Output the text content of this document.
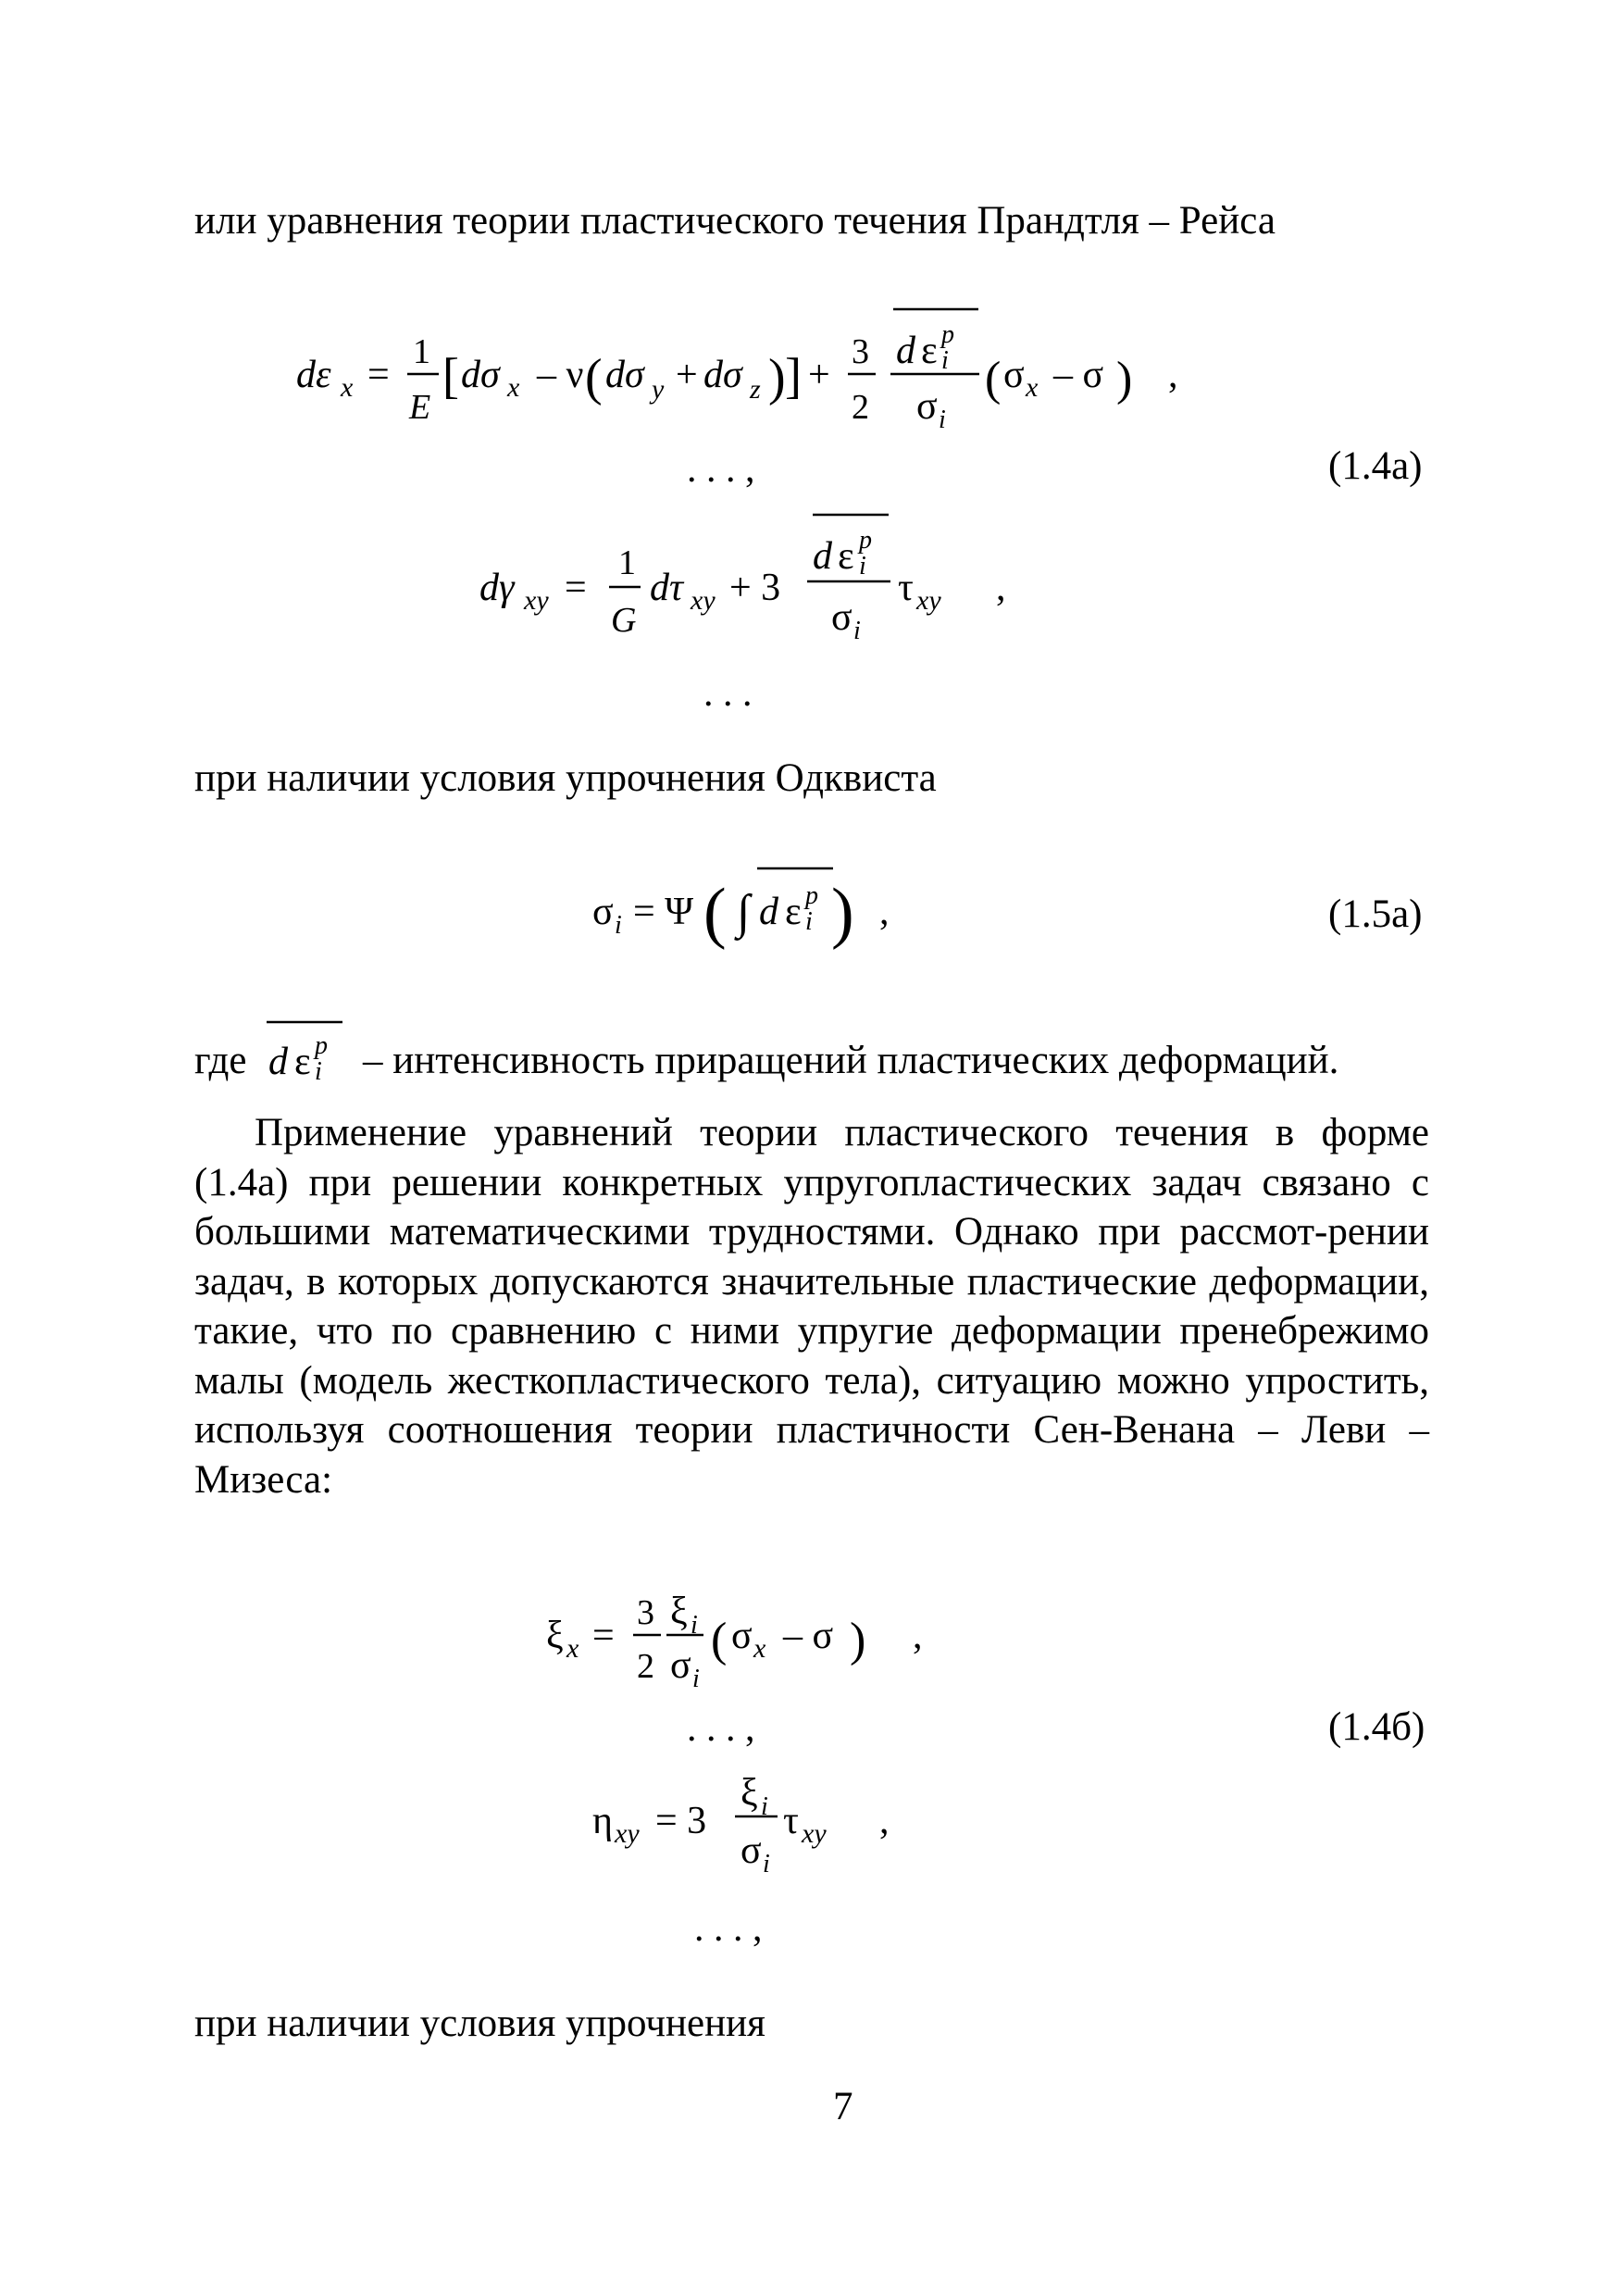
или уравнения теории пластического течения Прандтля – Рейса
dε x =
1
E
[ dσ x – ν ( dσ y + dσ z ) ] +
3
2
d ε p
i
σ i
( σ x – σ ) ,
. . . ,
dγ xy =
1
G
dτ xy + 3
d ε p
i
σ i
τ xy ,
. . .
(1.4а)
при наличии условия упрочнения Одквиста
σ i = Ψ ( ∫ d ε p
i ) ,	(1.5а)
где d ε p
i – интенсивность приращений пластических деформаций.
Применение уравнений теории пластического течения в форме (1.4а) при решении конкретных упругопластических задач связано с большими математическими трудностями. Однако при рассмот-рении задач, в которых допускаются значительные пластические деформации, такие, что по сравнению с ними упругие деформации пренебрежимо малы (модель жесткопластического тела), ситуацию можно упростить, используя соотношения теории пластичности Сен-Венана – Леви – Мизеса:
ξ x =
3
2
ξ i
σ i
( σ x – σ ) ,
. . . ,
η xy = 3
ξ i
σ i
τ xy ,
. . . ,
(1.4б)
при наличии условия упрочнения
7
